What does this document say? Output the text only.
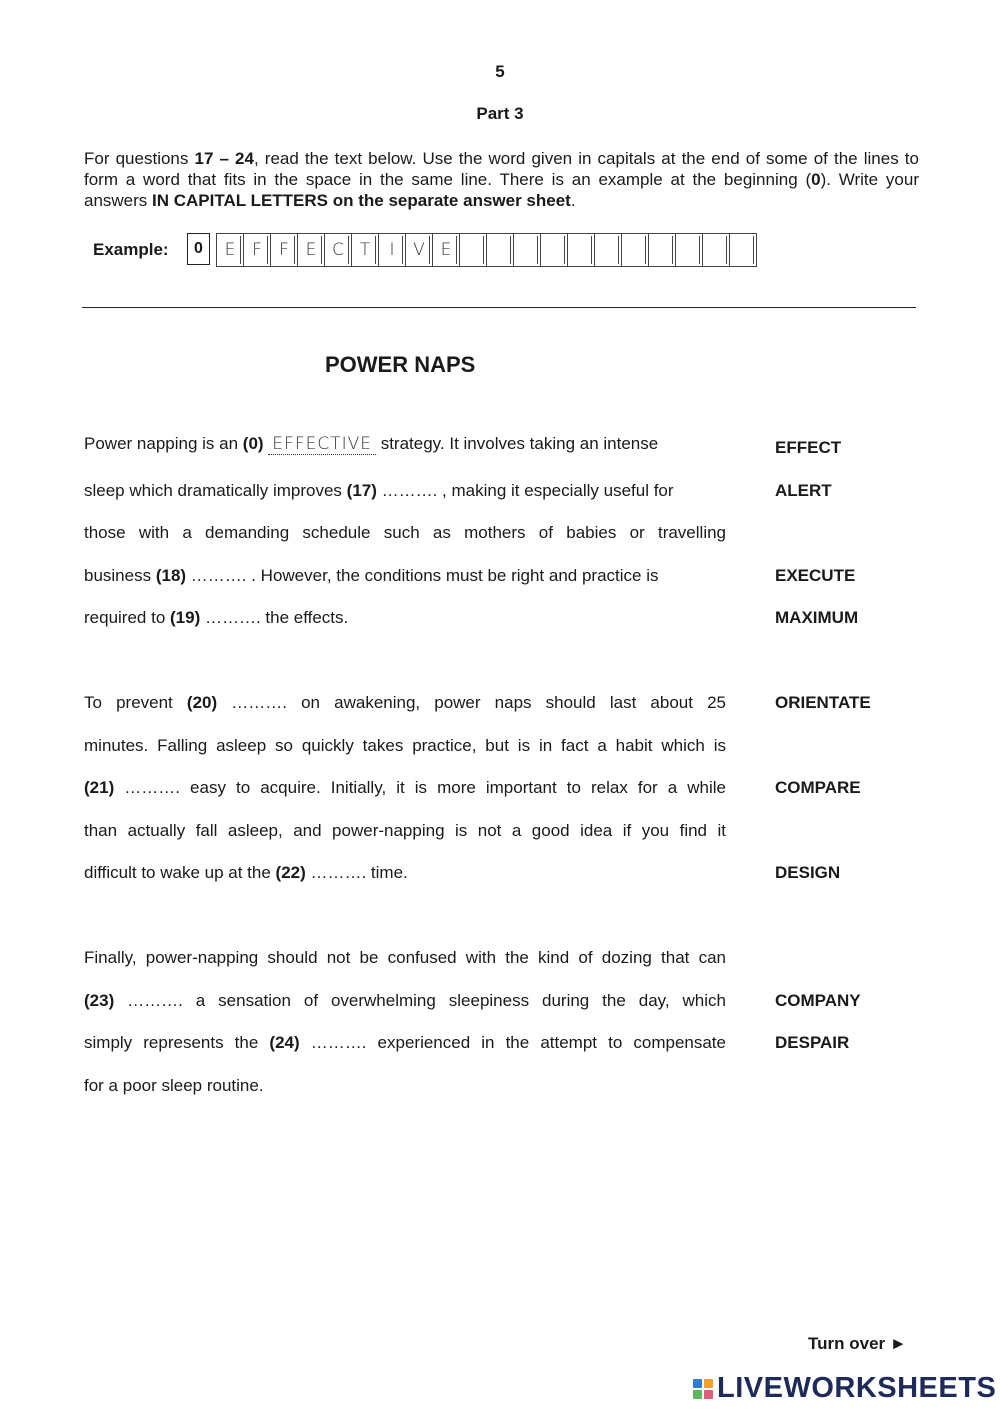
5
Part 3
For questions 17 – 24, read the text below. Use the word given in capitals at the end of some of the lines to form a word that fits in the space in the same line. There is an example at the beginning (0). Write your answers IN CAPITAL LETTERS on the separate answer sheet.
Example:	0	E F	F E C T	I	V E
POWER NAPS
Power napping is an (0) EFFECTIVE strategy. It involves taking an intense	EFFECT
sleep which dramatically improves (17) ………. , making it especially useful for	ALERT
those with a demanding schedule such as mothers of babies or travelling
business (18) ………. . However, the conditions must be right and practice is	EXECUTE
required to (19) ………. the effects.	MAXIMUM
To prevent (20) ………. on awakening, power naps should last about 25	ORIENTATE
minutes. Falling asleep so quickly takes practice, but is in fact a habit which is
(21) ………. easy to acquire. Initially, it is more important to relax for a while	COMPARE
than actually fall asleep, and power-napping is not a good idea if you find it
difficult to wake up at the (22) ………. time.	DESIGN
Finally, power-napping should not be confused with the kind of dozing that can
(23) ………. a sensation of overwhelming sleepiness during the day, which	COMPANY
simply represents the (24) ………. experienced in the attempt to compensate	DESPAIR
for a poor sleep routine.
Turn over ►
LIVEWORKSHEETS
